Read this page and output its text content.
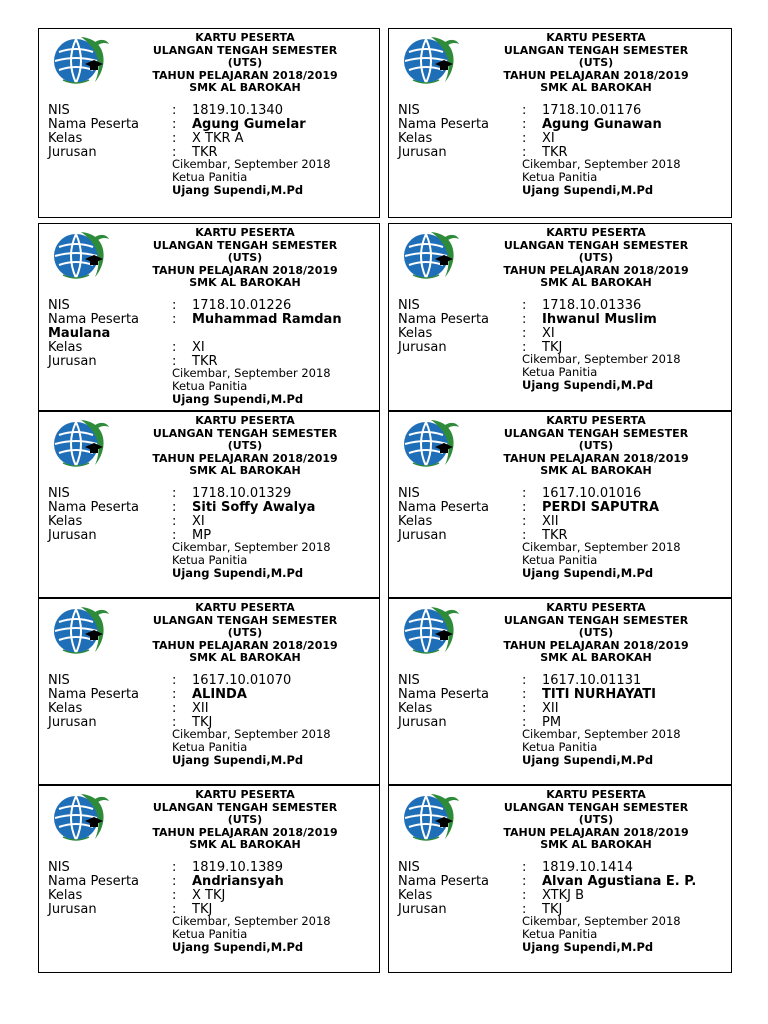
KARTU PESERTA
ULANGAN TENGAH SEMESTER
(UTS)
TAHUN PELAJARAN 2018/2019
SMK AL BAROKAH
NIS	: 1819.10.1340
Nama Peserta	: Agung Gumelar
Kelas	: X TKR A
Jurusan	: TKR
Cikembar, September 2018
Ketua Panitia
Ujang Supendi,M.Pd
KARTU PESERTA
ULANGAN TENGAH SEMESTER
(UTS)
TAHUN PELAJARAN 2018/2019
SMK AL BAROKAH
NIS	: 1718.10.01176
Nama Peserta	: Agung Gunawan
Kelas	: XI
Jurusan	: TKR
Cikembar, September 2018
Ketua Panitia
Ujang Supendi,M.Pd
KARTU PESERTA
ULANGAN TENGAH SEMESTER
(UTS)
TAHUN PELAJARAN 2018/2019
SMK AL BAROKAH
NIS	: 1718.10.01226
Nama Peserta	: Muhammad Ramdan
Maulana
Kelas	: XI
Jurusan	: TKR
Cikembar, September 2018
Ketua Panitia
Ujang Supendi,M.Pd
KARTU PESERTA
ULANGAN TENGAH SEMESTER
(UTS)
TAHUN PELAJARAN 2018/2019
SMK AL BAROKAH
NIS	: 1718.10.01336
Nama Peserta	: Ihwanul Muslim
Kelas	: XI
Jurusan	: TKJ
Cikembar, September 2018
Ketua Panitia
Ujang Supendi,M.Pd
KARTU PESERTA
ULANGAN TENGAH SEMESTER
(UTS)
TAHUN PELAJARAN 2018/2019
SMK AL BAROKAH
NIS	: 1718.10.01329
Nama Peserta	: Siti Soffy Awalya
Kelas	: XI
Jurusan	: MP
Cikembar, September 2018
Ketua Panitia
Ujang Supendi,M.Pd
KARTU PESERTA
ULANGAN TENGAH SEMESTER
(UTS)
TAHUN PELAJARAN 2018/2019
SMK AL BAROKAH
NIS	: 1617.10.01016
Nama Peserta	: PERDI SAPUTRA
Kelas	: XII
Jurusan	: TKR
Cikembar, September 2018
Ketua Panitia
Ujang Supendi,M.Pd
KARTU PESERTA
ULANGAN TENGAH SEMESTER
(UTS)
TAHUN PELAJARAN 2018/2019
SMK AL BAROKAH
NIS	: 1617.10.01070
Nama Peserta	: ALINDA
Kelas	: XII
Jurusan	: TKJ
Cikembar, September 2018
Ketua Panitia
Ujang Supendi,M.Pd
KARTU PESERTA
ULANGAN TENGAH SEMESTER
(UTS)
TAHUN PELAJARAN 2018/2019
SMK AL BAROKAH
NIS	: 1617.10.01131
Nama Peserta	: TITI NURHAYATI
Kelas	: XII
Jurusan	: PM
Cikembar, September 2018
Ketua Panitia
Ujang Supendi,M.Pd
KARTU PESERTA
ULANGAN TENGAH SEMESTER
(UTS)
TAHUN PELAJARAN 2018/2019
SMK AL BAROKAH
NIS	: 1819.10.1389
Nama Peserta	: Andriansyah
Kelas	: X TKJ
Jurusan	: TKJ
Cikembar, September 2018
Ketua Panitia
Ujang Supendi,M.Pd
KARTU PESERTA
ULANGAN TENGAH SEMESTER
(UTS)
TAHUN PELAJARAN 2018/2019
SMK AL BAROKAH
NIS	: 1819.10.1414
Nama Peserta	: Alvan Agustiana E. P.
Kelas	: XTKJ B
Jurusan	: TKJ
Cikembar, September 2018
Ketua Panitia
Ujang Supendi,M.Pd
